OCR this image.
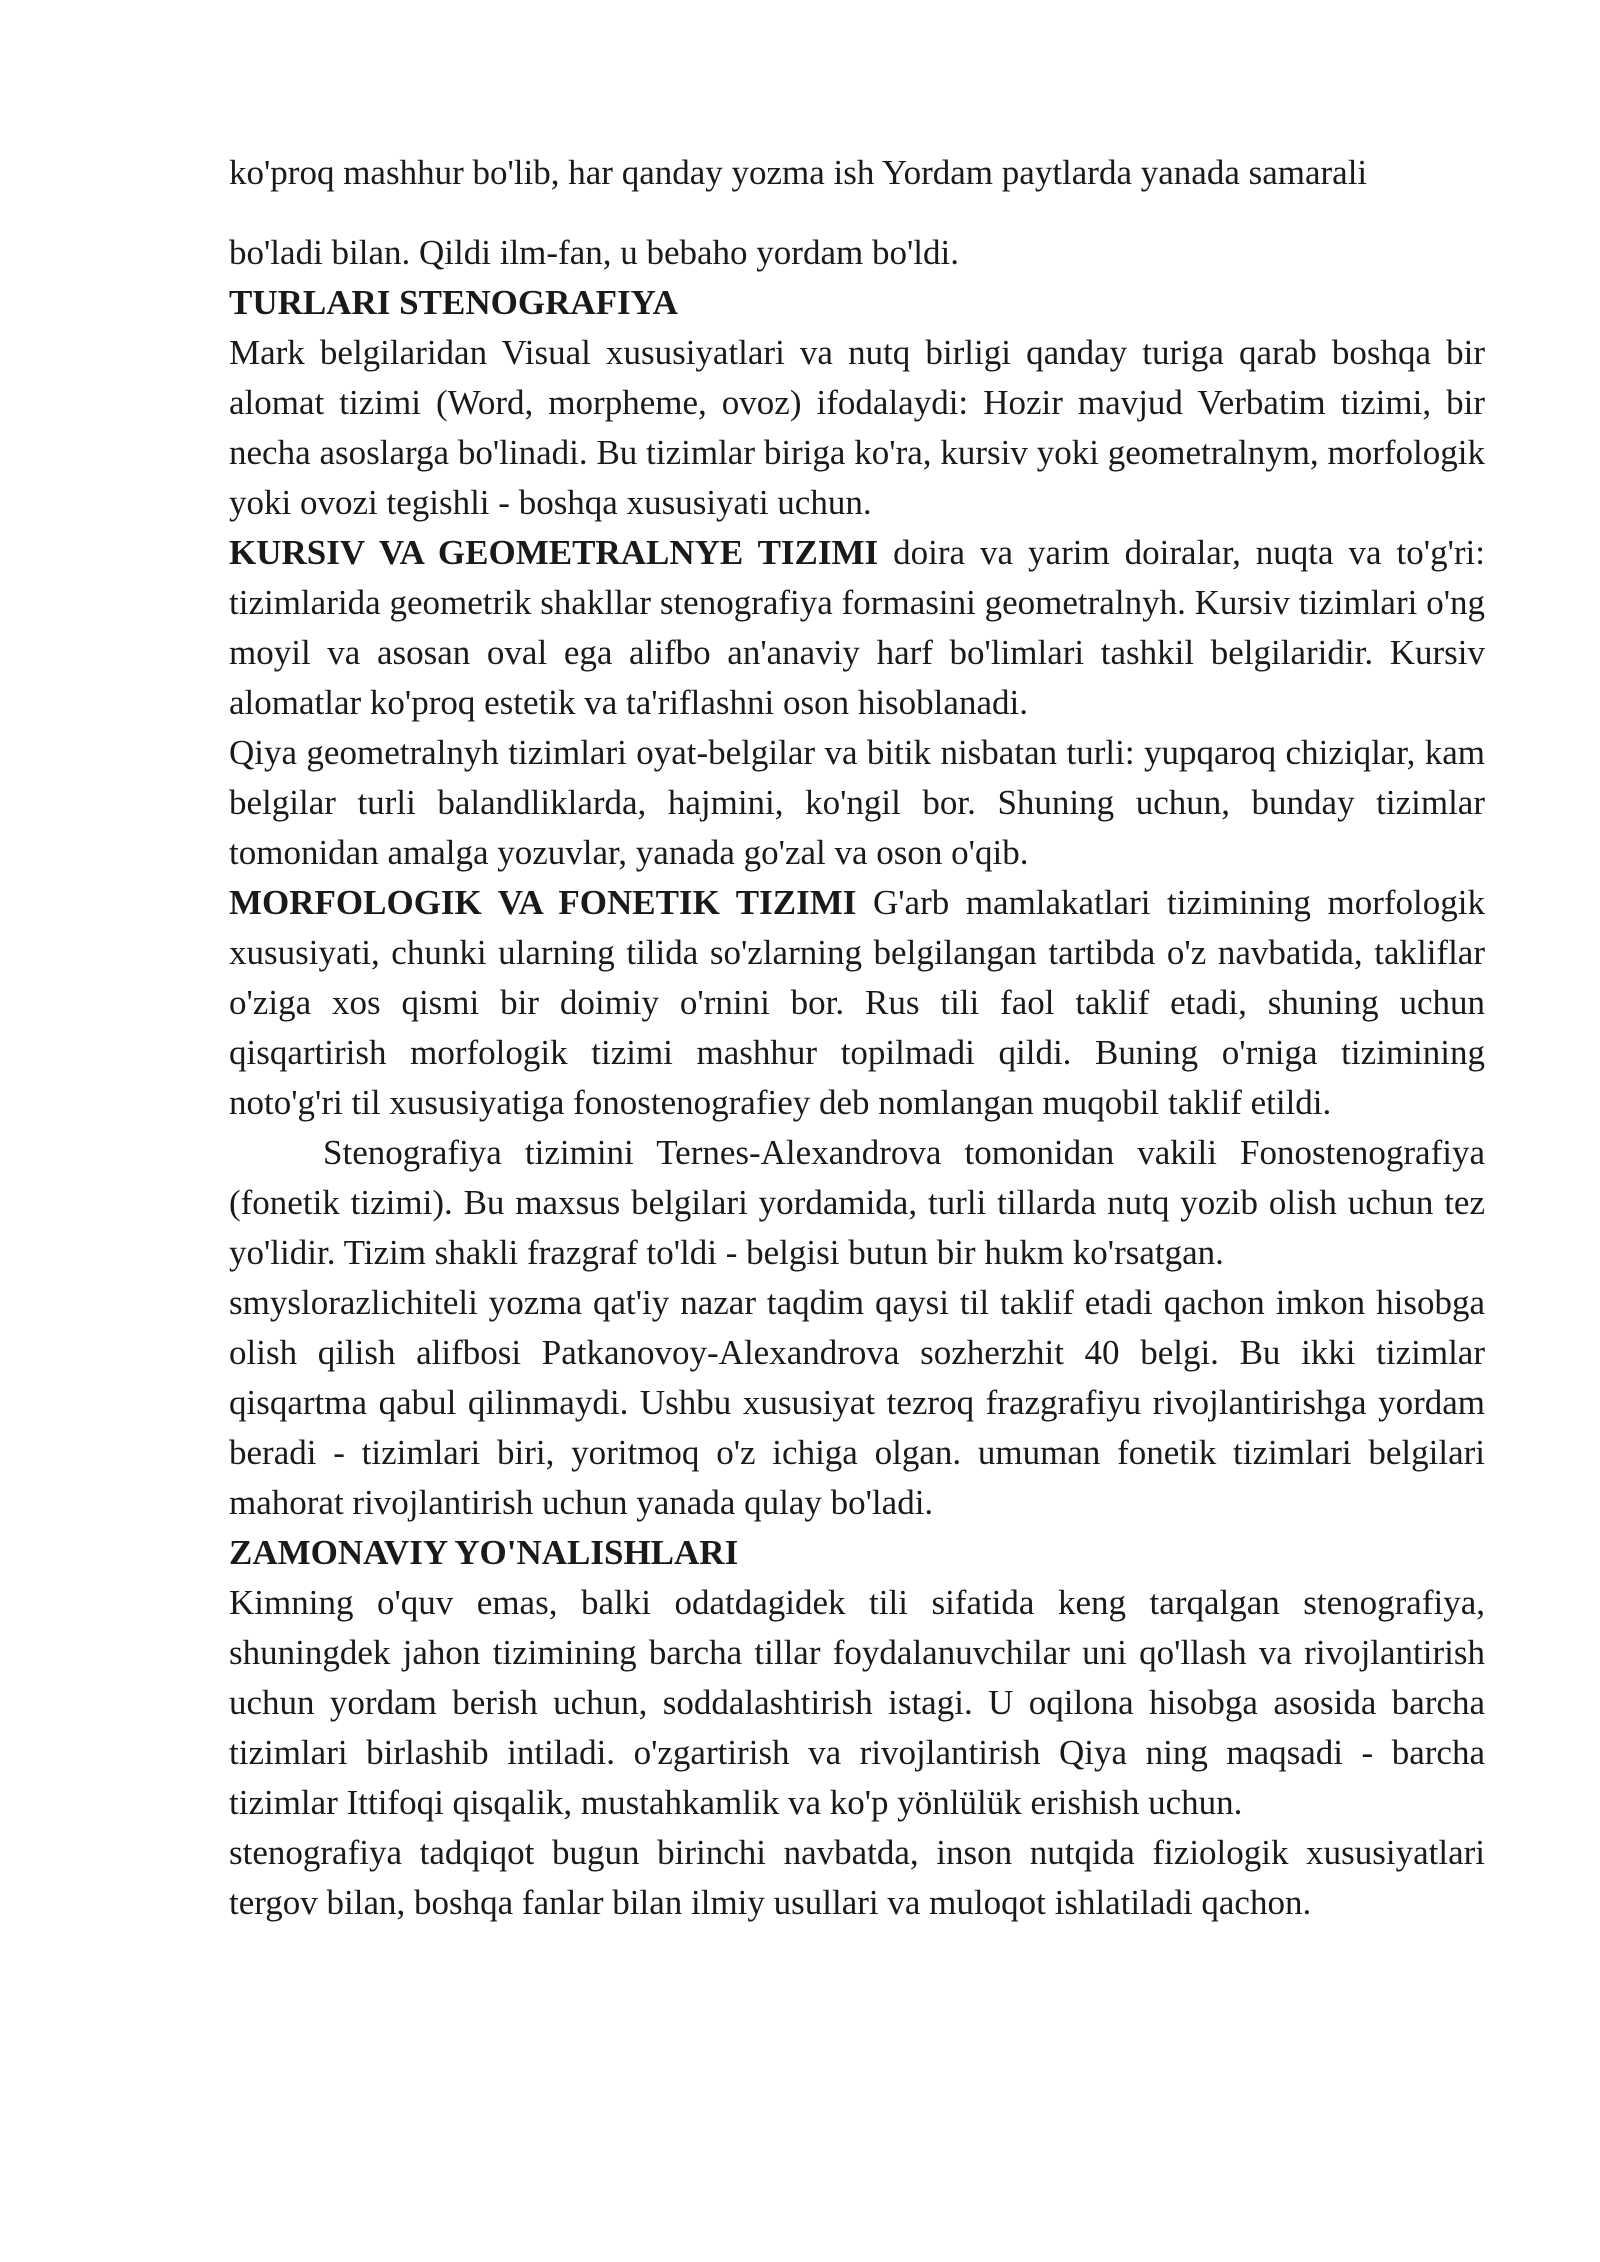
ko'proq mashhur bo'lib, har qanday yozma ish Yordam paytlarda yanada samarali

bo'ladi bilan. Qildi ilm-fan, u bebaho yordam bo'ldi.

TURLARI STENOGRAFIYA

Mark belgilaridan Visual xususiyatlari va nutq birligi qanday turiga qarab boshqa bir alomat tizimi (Word, morpheme, ovoz) ifodalaydi: Hozir mavjud Verbatim tizimi, bir necha asoslarga bo'linadi. Bu tizimlar biriga ko'ra, kursiv yoki geometralnym, morfologik yoki ovozi tegishli - boshqa xususiyati uchun.

KURSIV VA GEOMETRALNYE TIZIMI doira va yarim doiralar, nuqta va to'g'ri: tizimlarida geometrik shakllar stenografiya formasini geometralnyh. Kursiv tizimlari o'ng moyil va asosan oval ega alifbo an'anaviy harf bo'limlari tashkil belgilaridir. Kursiv alomatlar ko'proq estetik va ta'riflashni oson hisoblanadi.

Qiya geometralnyh tizimlari oyat-belgilar va bitik nisbatan turli: yupqaroq chiziqlar, kam belgilar turli balandliklarda, hajmini, ko'ngil bor. Shuning uchun, bunday tizimlar tomonidan amalga yozuvlar, yanada go'zal va oson o'qib.

MORFOLOGIK VA FONETIK TIZIMI G'arb mamlakatlari tizimining morfologik xususiyati, chunki ularning tilida so'zlarning belgilangan tartibda o'z navbatida, takliflar o'ziga xos qismi bir doimiy o'rnini bor. Rus tili faol taklif etadi, shuning uchun qisqartirish morfologik tizimi mashhur topilmadi qildi. Buning o'rniga tizimining noto'g'ri til xususiyatiga fonostenografiey deb nomlangan muqobil taklif etildi.

Stenografiya tizimini Ternes-Alexandrova tomonidan vakili Fonostenografiya (fonetik tizimi). Bu maxsus belgilari yordamida, turli tillarda nutq yozib olish uchun tez yo'lidir. Tizim shakli frazgraf to'ldi - belgisi butun bir hukm ko'rsatgan.

smyslorazlichiteli yozma qat'iy nazar taqdim qaysi til taklif etadi qachon imkon hisobga olish qilish alifbosi Patkanovoy-Alexandrova sozherzhit 40 belgi. Bu ikki tizimlar qisqartma qabul qilinmaydi. Ushbu xususiyat tezroq frazgrafiyu rivojlantirishga yordam beradi - tizimlari biri, yoritmoq o'z ichiga olgan. umuman fonetik tizimlari belgilari mahorat rivojlantirish uchun yanada qulay bo'ladi.

ZAMONAVIY YO'NALISHLARI

Kimning o'quv emas, balki odatdagidek tili sifatida keng tarqalgan stenografiya, shuningdek jahon tizimining barcha tillar foydalanuvchilar uni qo'llash va rivojlantirish uchun yordam berish uchun, soddalashtirish istagi. U oqilona hisobga asosida barcha tizimlari birlashib intiladi. o'zgartirish va rivojlantirish Qiya ning maqsadi - barcha tizimlar Ittifoqi qisqalik, mustahkamlik va ko'p yönlülük erishish uchun.

stenografiya tadqiqot bugun birinchi navbatda, inson nutqida fiziologik xususiyatlari tergov bilan, boshqa fanlar bilan ilmiy usullari va muloqot ishlatiladi qachon.
